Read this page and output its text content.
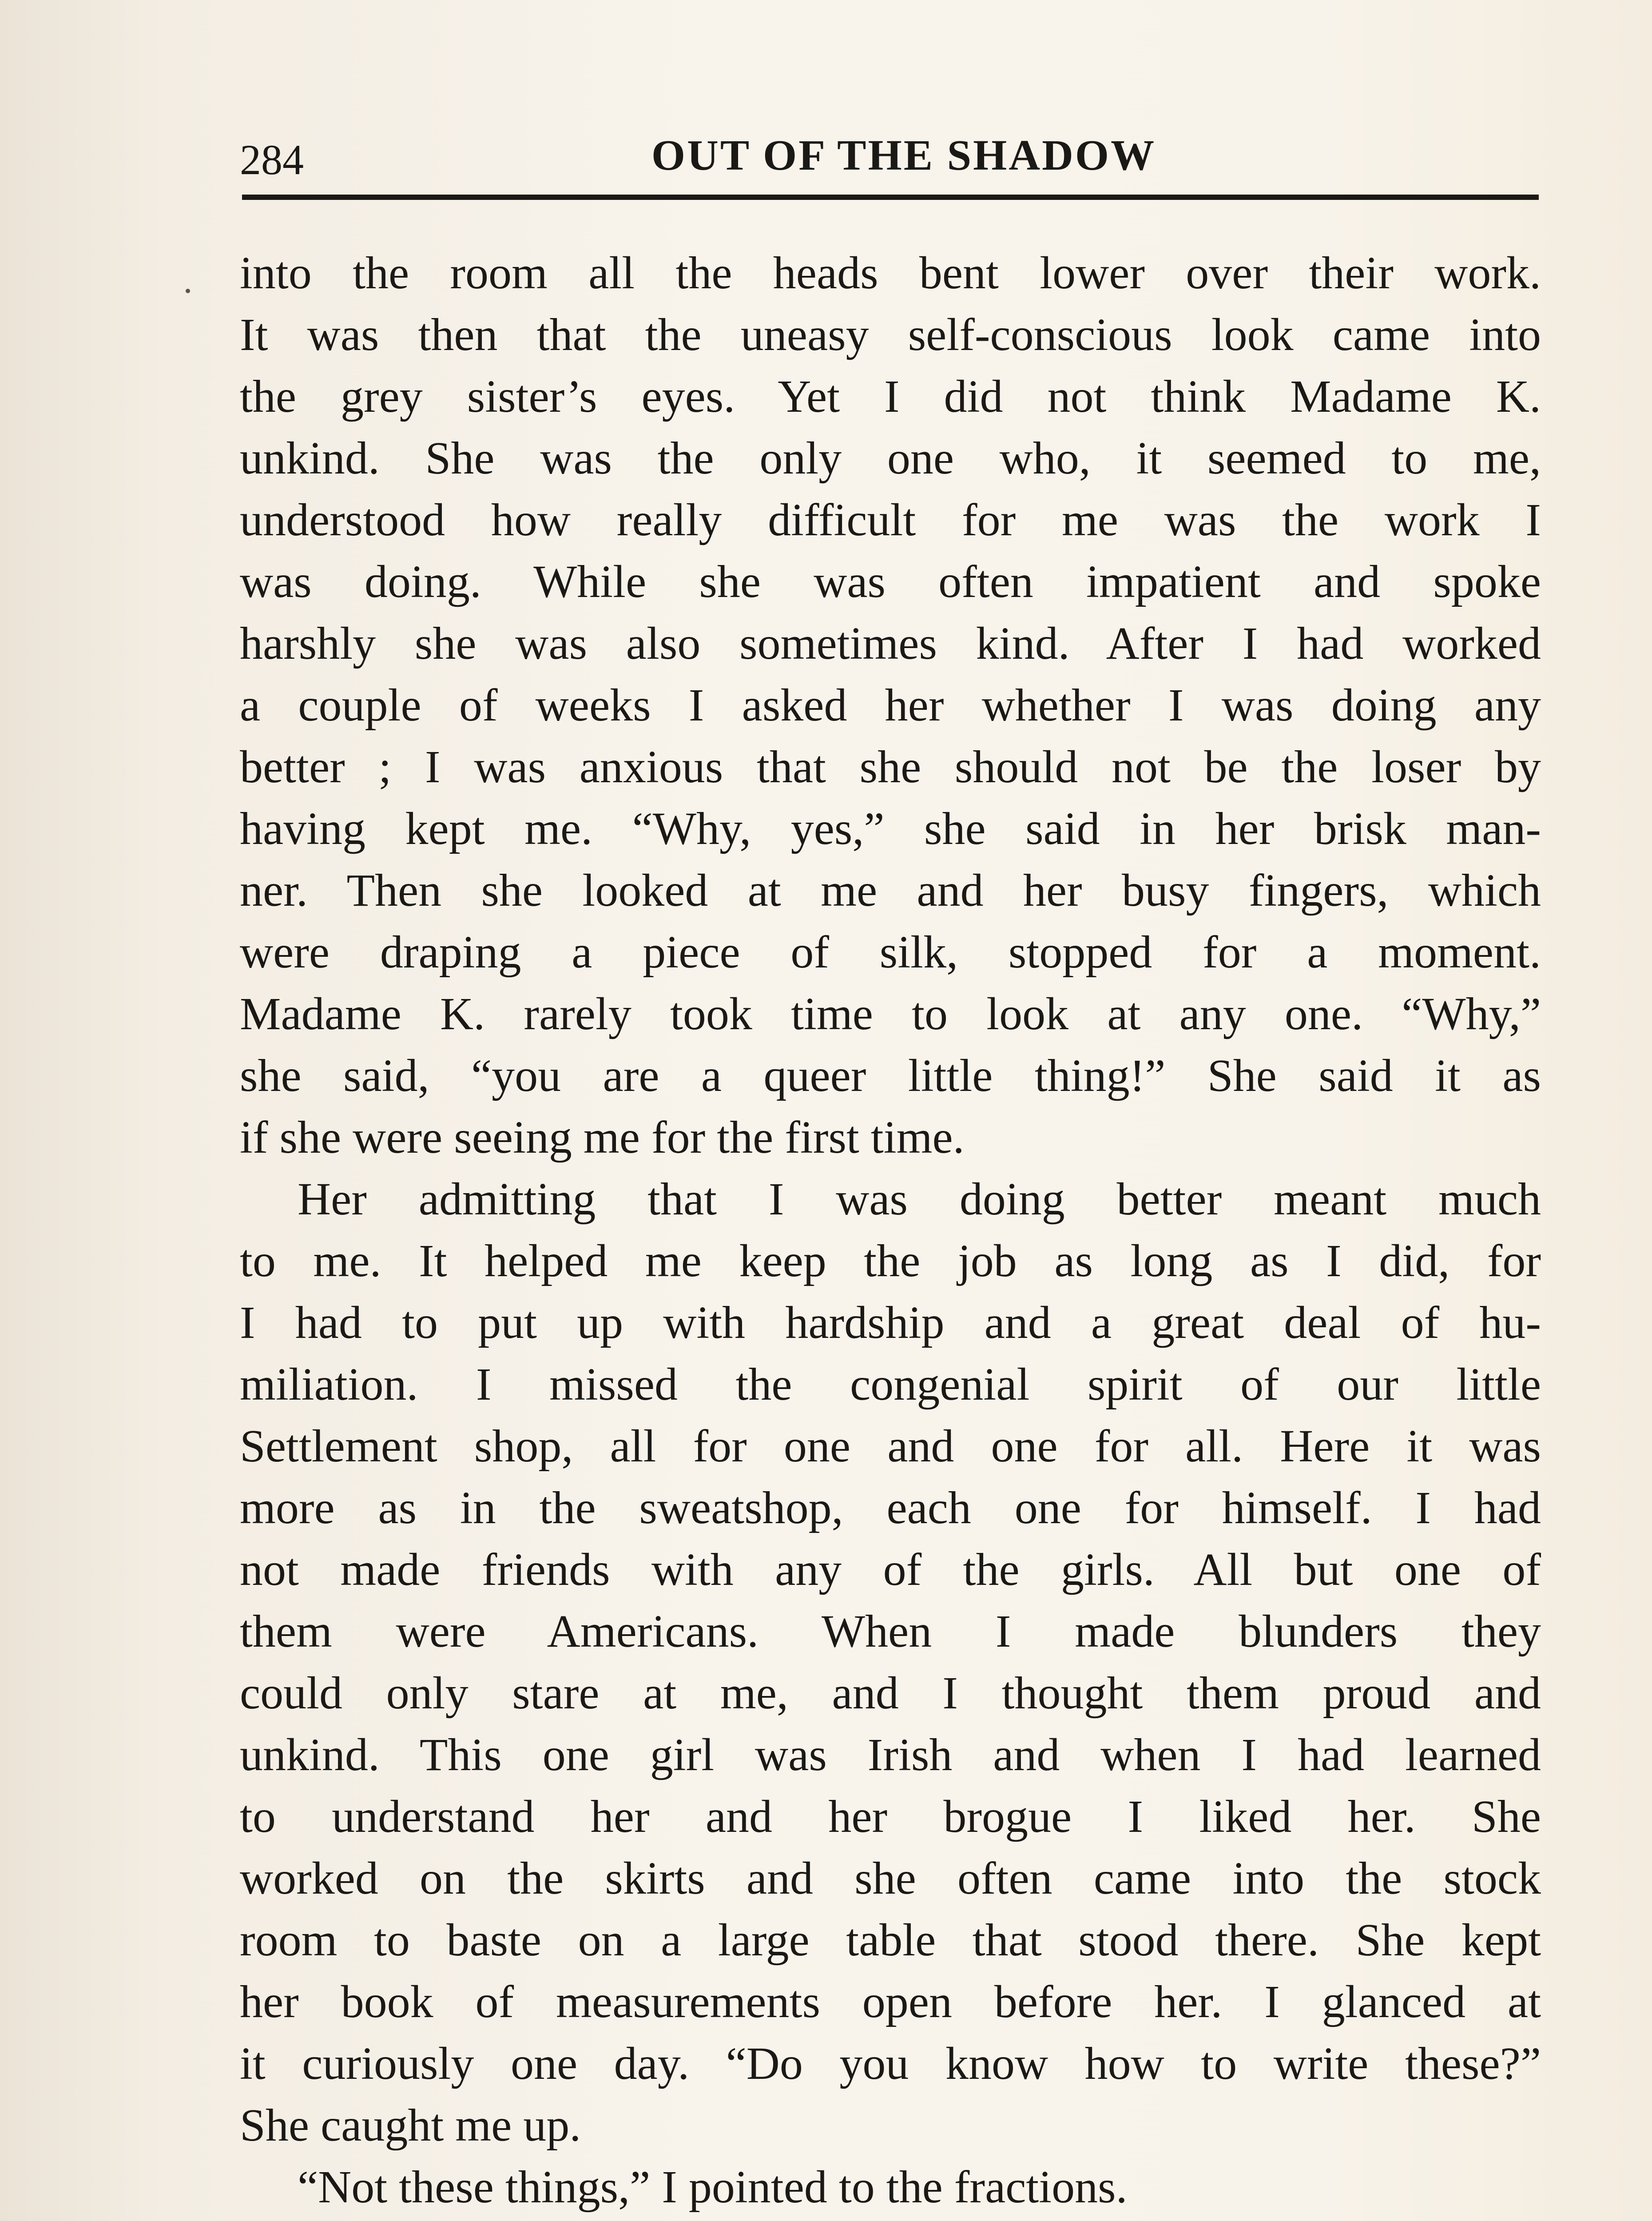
284	OUT OF THE SHADOW
into the room all the heads bent lower over their work.
It was then that the uneasy self-conscious look came into
the grey sister’s eyes. Yet I did not think Madame K.
unkind. She was the only one who, it seemed to me,
understood how really difficult for me was the work I
was doing. While she was often impatient and spoke
harshly she was also sometimes kind. After I had worked
a couple of weeks I asked her whether I was doing any
better ; I was anxious that she should not be the loser by
having kept me. “Why, yes,” she said in her brisk man-
ner. Then she looked at me and her busy fingers, which
were draping a piece of silk, stopped for a moment.
Madame K. rarely took time to look at any one. “Why,”
she said, “you are a queer little thing!” She said it as
if she were seeing me for the first time.
Her admitting that I was doing better meant much
to me. It helped me keep the job as long as I did, for
I had to put up with hardship and a great deal of hu-
miliation. I missed the congenial spirit of our little
Settlement shop, all for one and one for all. Here it was
more as in the sweatshop, each one for himself. I had
not made friends with any of the girls. All but one of
them were Americans. When I made blunders they
could only stare at me, and I thought them proud and
unkind. This one girl was Irish and when I had learned
to understand her and her brogue I liked her. She
worked on the skirts and she often came into the stock
room to baste on a large table that stood there. She kept
her book of measurements open before her. I glanced at
it curiously one day. “Do you know how to write these?”
She caught me up.
“Not these things,” I pointed to the fractions.
